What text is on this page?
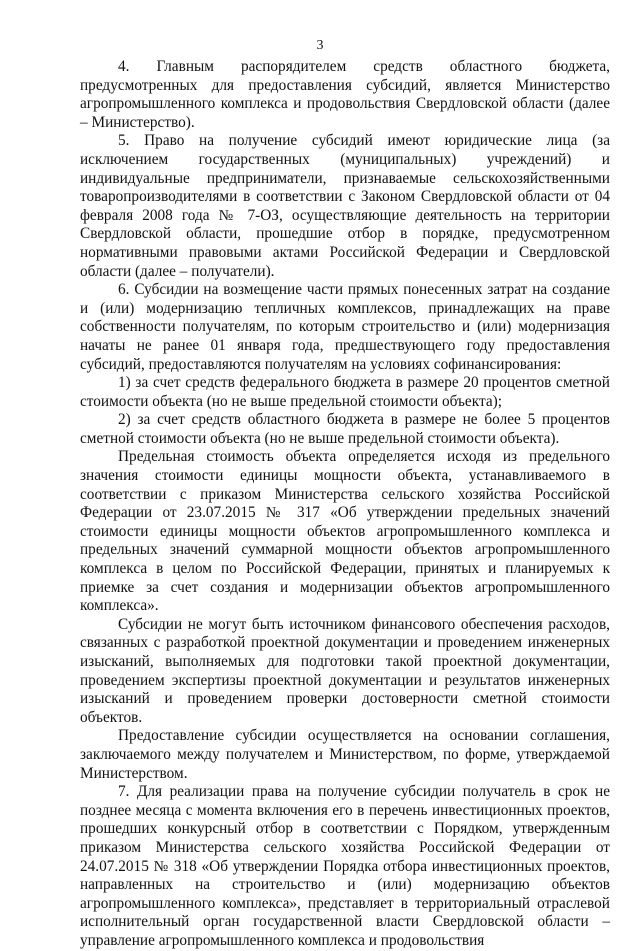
3

4. Главным распорядителем средств областного бюджета, предусмотренных для предоставления субсидий, является Министерство агропромышленного комплекса и продовольствия Свердловской области (далее – Министерство).

5. Право на получение субсидий имеют юридические лица (за исключением государственных (муниципальных) учреждений) и индивидуальные предприниматели, признаваемые сельскохозяйственными товаропроизводителями в соответствии с Законом Свердловской области от 04 февраля 2008 года № 7-ОЗ, осуществляющие деятельность на территории Свердловской области, прошедшие отбор в порядке, предусмотренном нормативными правовыми актами Российской Федерации и Свердловской области (далее – получатели).

6. Субсидии на возмещение части прямых понесенных затрат на создание и (или) модернизацию тепличных комплексов, принадлежащих на праве собственности получателям, по которым строительство и (или) модернизация начаты не ранее 01 января года, предшествующего году предоставления субсидий, предоставляются получателям на условиях софинансирования:

1) за счет средств федерального бюджета в размере 20 процентов сметной стоимости объекта (но не выше предельной стоимости объекта);

2) за счет средств областного бюджета в размере не более 5 процентов сметной стоимости объекта (но не выше предельной стоимости объекта).

Предельная стоимость объекта определяется исходя из предельного значения стоимости единицы мощности объекта, устанавливаемого в соответствии с приказом Министерства сельского хозяйства Российской Федерации от 23.07.2015 № 317 «Об утверждении предельных значений стоимости единицы мощности объектов агропромышленного комплекса и предельных значений суммарной мощности объектов агропромышленного комплекса в целом по Российской Федерации, принятых и планируемых к приемке за счет создания и модернизации объектов агропромышленного комплекса».

Субсидии не могут быть источником финансового обеспечения расходов, связанных с разработкой проектной документации и проведением инженерных изысканий, выполняемых для подготовки такой проектной документации, проведением экспертизы проектной документации и результатов инженерных изысканий и проведением проверки достоверности сметной стоимости объектов.

Предоставление субсидии осуществляется на основании соглашения, заключаемого между получателем и Министерством, по форме, утверждаемой Министерством.

7. Для реализации права на получение субсидии получатель в срок не позднее месяца с момента включения его в перечень инвестиционных проектов, прошедших конкурсный отбор в соответствии с Порядком, утвержденным приказом Министерства сельского хозяйства Российской Федерации от 24.07.2015 № 318 «Об утверждении Порядка отбора инвестиционных проектов, направленных на строительство и (или) модернизацию объектов агропромышленного комплекса», представляет в территориальный отраслевой исполнительный орган государственной власти Свердловской области – управление агропромышленного комплекса и продовольствия
